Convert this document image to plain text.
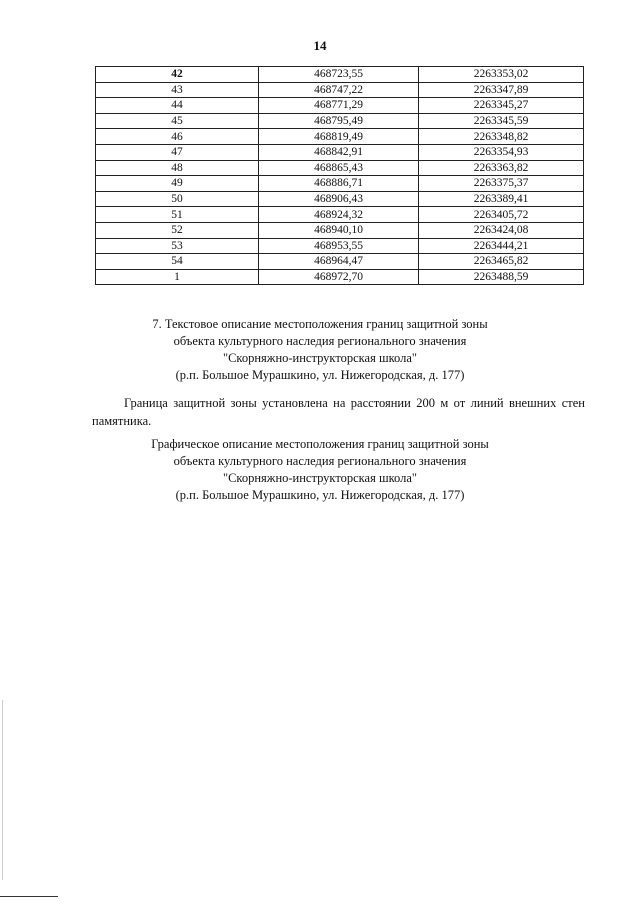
14
42	468723,55	2263353,02
43	468747,22	2263347,89
44	468771,29	2263345,27
45	468795,49	2263345,59
46	468819,49	2263348,82
47	468842,91	2263354,93
48	468865,43	2263363,82
49	468886,71	2263375,37
50	468906,43	2263389,41
51	468924,32	2263405,72
52	468940,10	2263424,08
53	468953,55	2263444,21
54	468964,47	2263465,82
1	468972,70	2263488,59
7. Текстовое описание местоположения границ защитной зоны
объекта культурного наследия регионального значения
"Скорняжно-инструкторская школа"
(р.п. Большое Мурашкино, ул. Нижегородская, д. 177)
Граница защитной зоны установлена на расстоянии 200 м от линий внешних стен памятника.
Графическое описание местоположения границ защитной зоны
объекта культурного наследия регионального значения
"Скорняжно-инструкторская школа"
(р.п. Большое Мурашкино, ул. Нижегородская, д. 177)
